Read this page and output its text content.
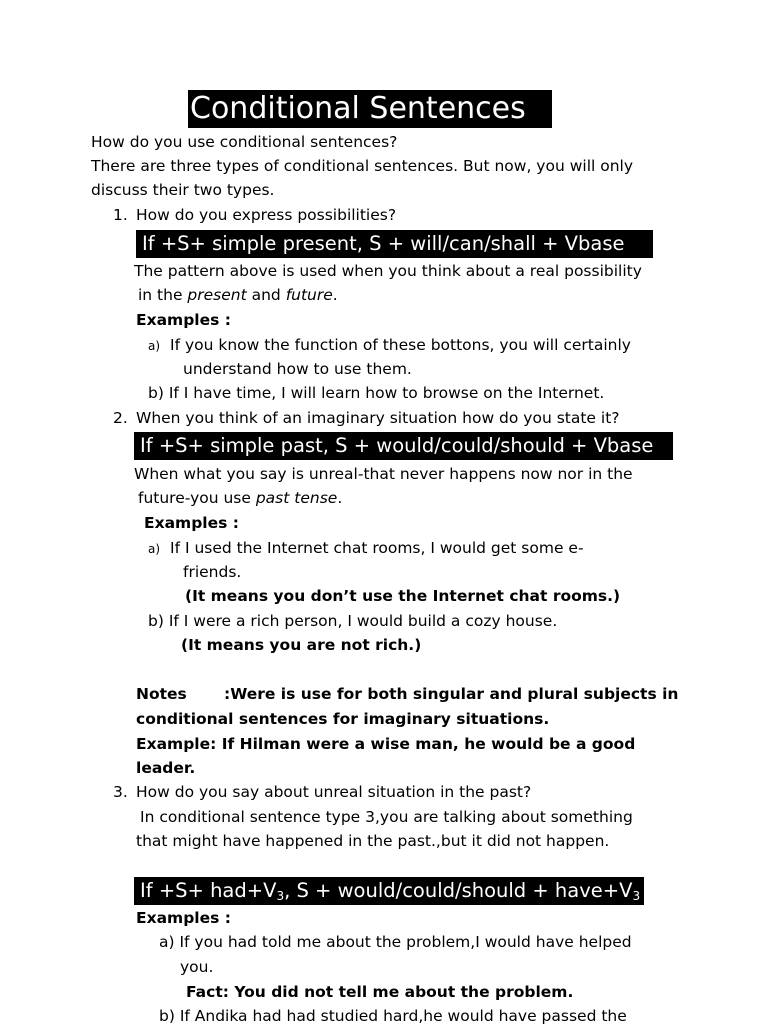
Conditional Sentences
How do you use conditional sentences?
There are three types of conditional sentences. But now, you will only
discuss their two types.
1. How do you express possibilities?
If +S+ simple present, S + will/can/shall + Vbase
The pattern above is used when you think about a real possibility
in the present and future.
Examples :
a) If you know the function of these bottons, you will certainly
understand how to use them.
b) If I have time, I will learn how to browse on the Internet.
2. When you think of an imaginary situation how do you state it?
If +S+ simple past, S + would/could/should + Vbase
When what you say is unreal-that never happens now nor in the
future-you use past tense.
Examples :
a) If I used the Internet chat rooms, I would get some e-
friends.
(It means you don’t use the Internet chat rooms.)
b) If I were a rich person, I would build a cozy house.
(It means you are not rich.)
Notes :Were is use for both singular and plural subjects in
conditional sentences for imaginary situations.
Example: If Hilman were a wise man, he would be a good
leader.
3. How do you say about unreal situation in the past?
In conditional sentence type 3,you are talking about something
that might have happened in the past.,but it did not happen.
$If +S+ had+V_3$, S + would/could/should + $have+V_3$
Examples :
a) If you had told me about the problem,I would have helped
you.
Fact: You did not tell me about the problem.
b) If Andika had had studied hard,he would have passed the
